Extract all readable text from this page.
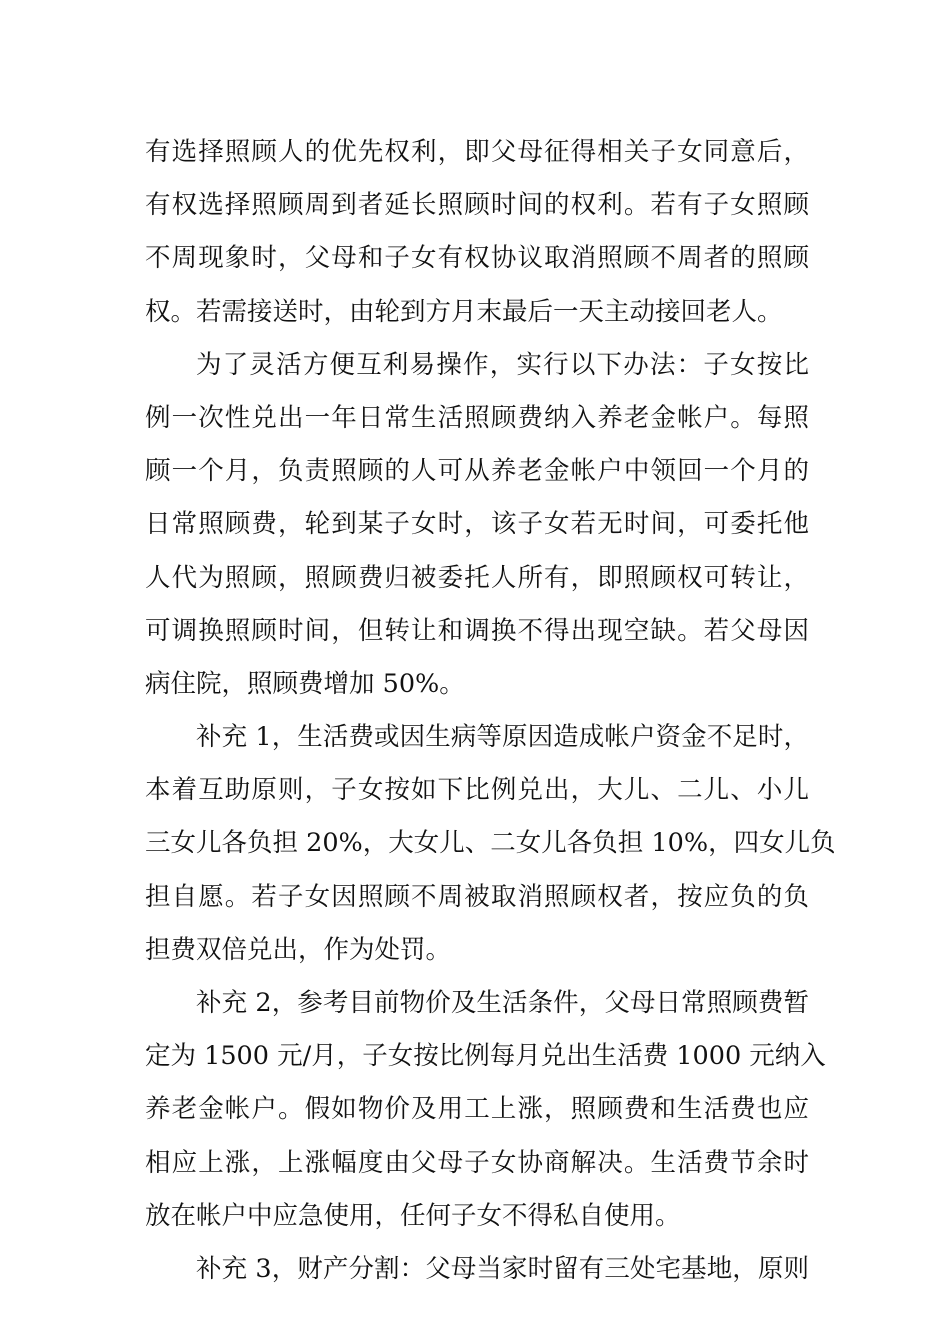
有选择照顾人的优先权利，即父母征得相关子女同意后，
有权选择照顾周到者延长照顾时间的权利。若有子女照顾
不周现象时，父母和子女有权协议取消照顾不周者的照顾
权。若需接送时，由轮到方月末最后一天主动接回老人。
为了灵活方便互利易操作，实行以下办法：子女按比
例一次性兑出一年日常生活照顾费纳入养老金帐户。每照
顾一个月，负责照顾的人可从养老金帐户中领回一个月的
日常照顾费，轮到某子女时，该子女若无时间，可委托他
人代为照顾，照顾费归被委托人所有，即照顾权可转让，
可调换照顾时间，但转让和调换不得出现空缺。若父母因
病住院，照顾费增加 50%。
补充 1，生活费或因生病等原因造成帐户资金不足时，
本着互助原则，子女按如下比例兑出，大儿、二儿、小儿
三女儿各负担 20%，大女儿、二女儿各负担 10%，四女儿负
担自愿。若子女因照顾不周被取消照顾权者，按应负的负
担费双倍兑出，作为处罚。
补充 2，参考目前物价及生活条件，父母日常照顾费暂
定为 1500 元/月，子女按比例每月兑出生活费 1000 元纳入
养老金帐户。假如物价及用工上涨，照顾费和生活费也应
相应上涨，上涨幅度由父母子女协商解决。生活费节余时
放在帐户中应急使用，任何子女不得私自使用。
补充 3，财产分割：父母当家时留有三处宅基地，原则
